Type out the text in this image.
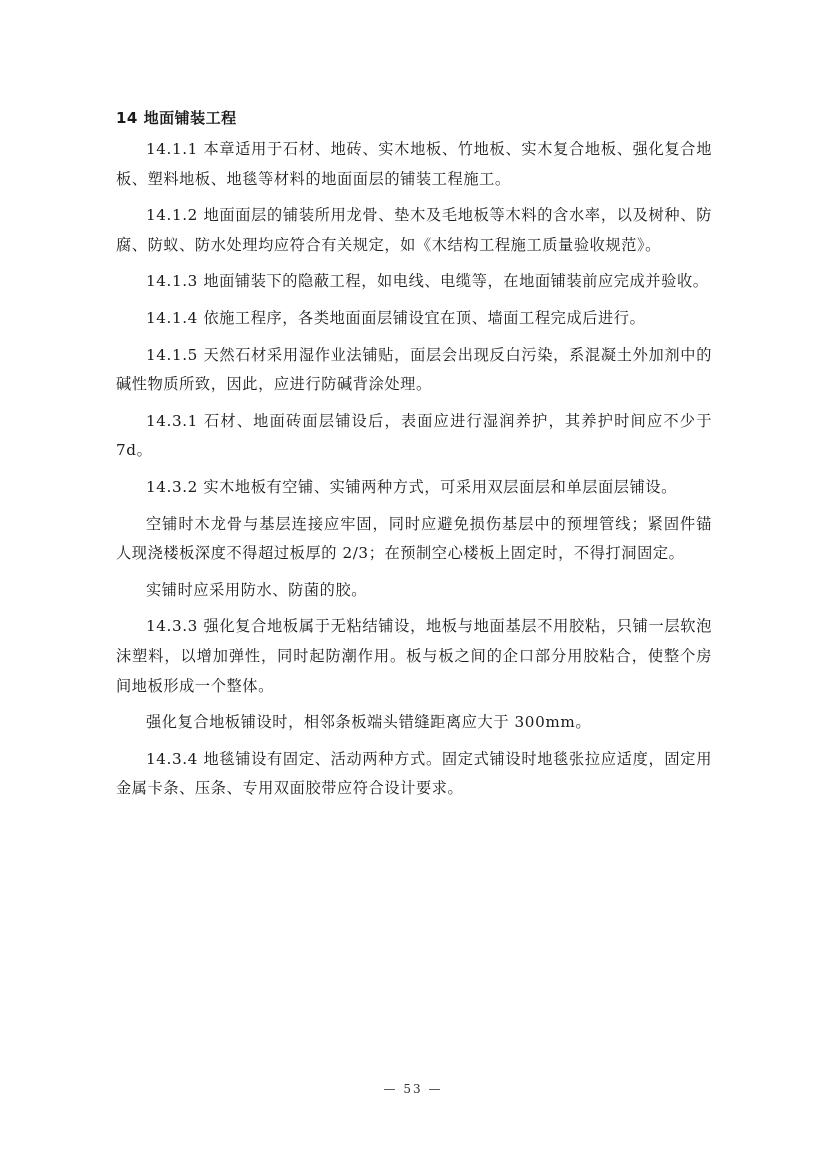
14 地面铺装工程

14.1.1 本章适用于石材、地砖、实木地板、竹地板、实木复合地板、强化复合地板、塑料地板、地毯等材料的地面面层的铺装工程施工。

14.1.2 地面面层的铺装所用龙骨、垫木及毛地板等木料的含水率，以及树种、防腐、防蚁、防水处理均应符合有关规定，如《木结构工程施工质量验收规范》。

14.1.3 地面铺装下的隐蔽工程，如电线、电缆等，在地面铺装前应完成并验收。

14.1.4 依施工程序，各类地面面层铺设宜在顶、墙面工程完成后进行。

14.1.5 天然石材采用湿作业法铺贴，面层会出现反白污染，系混凝土外加剂中的碱性物质所致，因此，应进行防碱背涂处理。

14.3.1 石材、地面砖面层铺设后，表面应进行湿润养护，其养护时间应不少于 7d。

14.3.2 实木地板有空铺、实铺两种方式，可采用双层面层和单层面层铺设。

空铺时木龙骨与基层连接应牢固，同时应避免损伤基层中的预埋管线；紧固件锚人现浇楼板深度不得超过板厚的 2/3；在预制空心楼板上固定时，不得打洞固定。

实铺时应采用防水、防菌的胶。

14.3.3 强化复合地板属于无粘结铺设，地板与地面基层不用胶粘，只铺一层软泡沫塑料，以增加弹性，同时起防潮作用。板与板之间的企口部分用胶粘合，使整个房间地板形成一个整体。

强化复合地板铺设时，相邻条板端头错缝距离应大于 300mm。

14.3.4 地毯铺设有固定、活动两种方式。固定式铺设时地毯张拉应适度，固定用金属卡条、压条、专用双面胶带应符合设计要求。

— 53 —
